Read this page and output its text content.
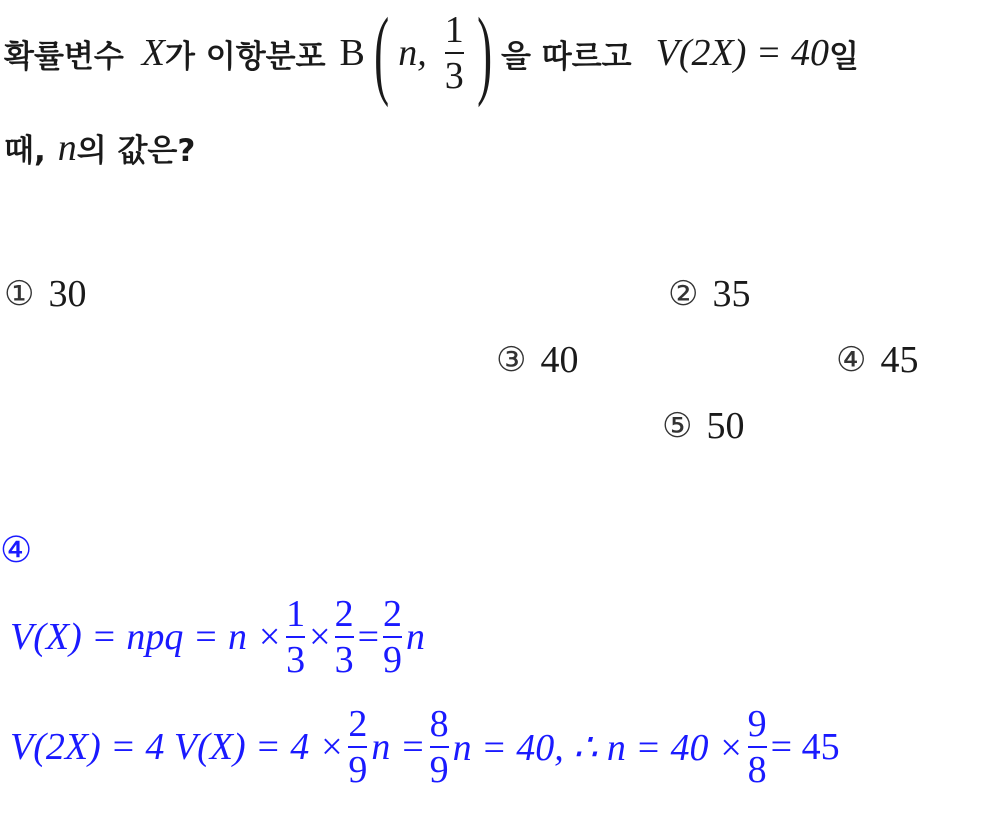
확률변수 X 가 이항분포 B ( n, $\frac{1}{3}$ ) 을 따르고 V(2X) = 40 일
때, n 의 값은?
① 30	② 35
③ 40	④ 45
⑤ 50
④
V(X) = npq = $n \times \frac{1}{3} \times \frac{2}{3} = \frac{2}{9}$ n
V(2X) = 4 $V(X) = 4 \times \frac{2}{9}$ $n = \frac{8}{9}$ n = 40, ∴ $n = 40 \times \frac{9}{8} = 45$
